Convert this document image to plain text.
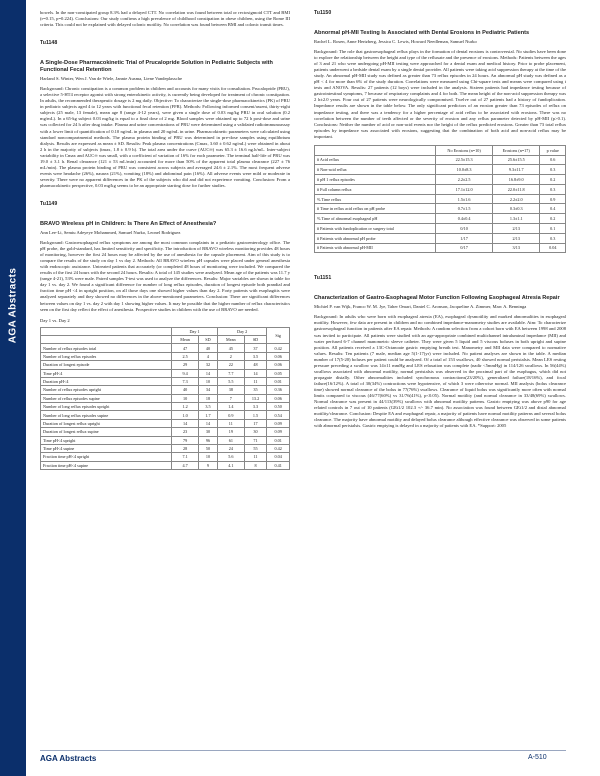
AGA Abstracts

bowels. In the non-constipated group 8.3% had a delayed CTT. No correlation was found between total or rectosigmoid CTT and BMI (r=0.15, p=0.224). Conclusions: Our study confirms a high prevalence of childhood constipation in obese children, using the Rome III criteria. This could not be explained with delayed colonic motility. No correlation was found between BMI and colonic transit times.

Tu1148
A Single-Dose Pharmacokinetic Trial of Prucalopride Solution in Pediatric Subjects with Functional Fecal Retention
Harland S. Winter, Wen J. Van de Wiele, Jannie Ausma, Liene Vandeplassche

Background: Chronic constipation is a common problem in children and accounts for many visits for consultation. Prucalopride (PRU), a selective 5-HT4 receptor agonist with strong enterokinetic activity, is currently being developed for treatment of chronic constipation. In adults, the recommended therapeutic dosage is 2 mg daily. Objective: To characterize the single-dose pharmacokinetics (PK) of PRU in pediatric subjects aged 4 to 12 years with functional fecal retention (FFR). Methods: Following informed consent/assent, thirty-eight subjects (25 male, 13 female), mean age 8 (range 4-12 years), were given a single dose of 0.03 mg/kg PRU in oral solution (0.2 mg/mL). In a 65-kg subject 0.03 mg/kg is equal to a final dose of 2 mg. Blood samples were obtained up to 72 h post-dose and urine was collected for 24 h after drug intake. Plasma and urine concentrations of PRU were determined using a validated radioimmunoassay with a lower limit of quantification of 0.10 ng/mL in plasma and 20 ng/mL in urine. Pharmacokinetic parameters were calculated using standard noncompartmental methods. The plasma protein binding of PRU was determined in pre-dose samples using equilibrium dialysis. Results are expressed as mean ± SD. Results: Peak plasma concentrations (Cmax, 3.60 ± 0.62 ng/mL) were obtained in about 2 h in the majority of subjects (tmax, 1.8 ± 0.9 h). The total area under the curve (AUC∞) was 65.3 ± 16.6 ng.h/mL. Inter-subject variability in Cmax and AUC∞ was small, with a coefficient of variation of 16% for each parameter. The terminal half-life of PRU was 19.0 ± 3.1 h. Renal clearance (121 ± 53 mL/min) accounted for more than 50% of the apparent total plasma clearance (227 ± 76 mL/min). The plasma protein binding of PRU was consistent across subjects and averaged 24.6 ± 2.1%. The most frequent adverse events were headache (26%), nausea (21%), vomiting (18%) and abdominal pain (16%). All adverse events were mild or moderate in severity. There were no apparent differences in the PK of the subjects who did and did not experience vomiting. Conclusion: From a pharmacokinetic perspective, 0.03 mg/kg seems to be an appropriate starting dose for further studies.

Tu1149
BRAVO Wireless pH in Children: Is There An Effect of Anesthesia?
Ann Lee-Li, Semiu Adeyeye Mohammed, Samuel Nurko, Leonel Rodriguez

Background: Gastroesophageal reflux symptoms are among the most common complaints in a pediatric gastroenterology office. The pH probe, the gold-standard, has limited sensitivity and specificity. The introduction of BRAVO wireless monitoring provides 48 hours of monitoring, however the first 24 hours may be affected by the use of anesthesia for the capsule placement. Aim of this study is to compare the results of the study on day 1 vs day 2. Methods: All BRAVO wireless pH capsules were placed under general anesthesia with endoscopic assistance. Untreated patients that accurately (or completed 48 hours of monitoring were included. We compared the results of the first 24 hours with the second 24 hours. Results: A total of 145 studies were analyzed. Mean age of the patients was 11.7 y (range 4-21), 53% were male. Paired samples T-test was used to analyze the differences. Results: Major variables are shown in table for day 1 vs. day 2. We found a significant difference for number of long reflux episodes, duration of longest episode both prandial and fraction time pH <4 in upright position, on all those days one showed higher values than day 2. Forty patients with esophagitis were analyzed separately and they showed no differences in the above-mentioned parameters. Conclusion: There are significant differences between values on day 1 vs. day 2 with day 1 showing higher values. It may be possible that the higher number of reflux characteristics seen on the first day reflect the effect of anesthesia. Prospective studies in children with the use of BRAVO are needed.

Day 1 vs. Day 2
	Day 1		Day 2		Sig
	Mean	SD	Mean	SD	
Number of reflux episodes total	47	40	45	37	0.42
Number of long reflux episodes	2.5	4	2	3.5	0.06
Duration of longest episode	29	32	22	48	0.06
Time pH<4	9.4	14	7.7	14	0.05
Duration pH<4	7.3	10	5.5	11	0.01
Number of reflux episodes upright	40	34	38	35	0.36
Number of reflux episodes supine	10	18	7	13.2	0.06
Number of long reflux episodes upright	1.2	3.5	1.4	3.3	0.50
Number of long reflux episodes supine	1.0	1.7	0.9	1.5	0.54
Duration of longest reflux upright	14	14	11	17	0.09
Duration of longest reflux supine	23	30	19	30	0.09
Time pH<4 upright	79	96	61	71	0.01
Time pH<4 supine	28	50	24	55	0.42
Fraction time pH<4 upright	7.1	10	5.6	11	0.04
Fraction time pH<4 supine	4.7	9	4.1	8	0.41
Tu1150
Abnormal pH-MII Testing Is Associated with Dental Erosions in Pediatric Patients
Rachel L. Rosen, Anne Hertzberg, Jessica C. Lewis, Howard Needleman, Samuel Nurko

Background: The role that gastroesophageal reflux plays in the formation of dental erosions is controversial. No studies have been done to explore the relationship between the height and type of the refluxate and the presence of erosions. Methods: Patients between the ages of 3 and 21 who were undergoing pH-MII testing were approached for a dental exam and medical history. Prior to probe placement, patients underwent a bedside dental exam by a single dental provider. All patients were taking acid suppression therapy at the time of the study. An abnormal pH-MII study was defined as greater than 73 reflux episodes in 24 hours. An abnormal pH study was defined as a pH < 4 for more than 6% of the study duration. Correlations were measured using Chi-square tests and means were compared using t tests and ANOVA. Results: 27 patients (12 boys) were included in the analysis. Sixteen patients had impedance testing because of gastrointestinal symptoms, 7 because of respiratory complaints and 4 for both. The mean height of the non-acid suppression therapy was 2 h±2.0 years. Four out of 27 patients were neurologically compromised. Twelve out of 27 patients had a history of fundoplication. Impedance results are shown in the table below. The only significant predictors of an erosion greater than 73 episodes of reflux on impedance testing, and there was a tendency for a higher percentage of acid reflux to be associated with erosions. There was no correlation between the number of teeth affected or the severity of erosion and any reflux parameter detected by pH-MII (p>0.1). Conclusions: Neither the number of acid or non-acid events nor the height of the reflux predicted erosions. Greater than 73 total reflux episodes by impedance was associated with erosions, suggesting that the combination of both acid and non-acid reflux may be important.

	No Erosions (n=10)	Erosions (n=17)	p value
# Acid reflux	22.5±15.3	25.6±15.5	0.6
# Non-acid reflux	10.0±8.3	9.3±11.7	0.3
# pH 1 reflux episodes	2.2±2.5	16.8±9.0	0.2
# Full column reflux	17.1±12.0	22.0±11.8	0.3
% Time reflux	1.5±1.6	2.2±2.0	0.9
# Time in reflux acid reflux on pH probe	0.7±1.5	0.3±0.3	0.4
% Time of abnormal esophageal pH	0.4±0.4	1.3±1.1	0.2
# Patients with fundoplication or surgery total	0/10	2/13	0.1
# Patients with abnormal pH probe	1/17	2/13	0.3
# Patients with abnormal pH-MII	0/17	3/13	0.04
Tu1151
Characterization of Gastro-Esophageal Motor Function Following Esophageal Atresia Repair
Michiel P. van Wijk, Franco W. M. Jye, Taher Omari, Daniel C. Aronson, Jacqueline A. Zimmer, Marc A. Benninga

Background: In adults who were born with esophageal atresia (EA), esophageal dysmotility and marked abnormalities in esophageal motility. However, few data are present in children and no combined impedance-manometry studies are available. Aim: To characterize gastroesophageal function in patients after EA repair. Methods: A random selection from a cohort born with EA between 1998 and 2008 was invited to participate. All patients were studied with an age-appropriate combined multichannel intraluminal impedance (MII) and water perfused 6-7 channel manometric sleeve catheter. They were given 5 liquid and 5 viscous boluses in both upright and supine position. All patients received a 13C-Octanoate gastric emptying breath test. Manometry and MII data were compared to normative values. Results: Ten patients (7 male, median age 5(1-17)yr) were included. No patient analyses are shown in the table. A median number of 17(5-20) boluses per patient could be analyzed. Of a total of 153 swallows, 40 showed normal peristalsis. Mean LES resting pressure preceding a swallow was 14±11 mmHg and LES relaxation was complete (nadir <5mmHg) in 114/126 swallows. In 56(44%) swallows associated with abnormal motility, normal peristalsis was observed in the proximal part of the esophagus, which did not propagate distally. Other abnormalities included synchronous contractions(23/20%), generalized failure(18/16%), and focal failure(16/12%). A total of 30(34%) contractions were hypotensive, of which 3 were otherwise normal. MII analysis (bolus clearance time) showed normal clearance of the bolus in 77(76%) swallows. Clearance of liquid bolus was significantly more often with normal limits compared to viscous (46/77(60%) vs 31/76(41%), p<0.05). Normal motility (and normal clearance in 33/48(69%) swallows. Normal clearance was present in 44/113(39%) swallows with abnormal motility patterns. Gastric emptying was above p90 for age related controls in 7 out of 10 patients (GEt1/2 102.3 +/- 36.7 min). No association was found between GEt1/2 and distal abnormal motility/clearance. Conclusion: Despite EA and esophageal repair, a majority of patients have normal motility patterns and several bolus clearance. The majority have abnormal motility and delayed bolus clearance although effective clearance was observed in some patients with abnormal peristalsis. Gastric emptying is delayed in a majority of patients with EA. *Support: 2005

AGA Abstracts	A-510
